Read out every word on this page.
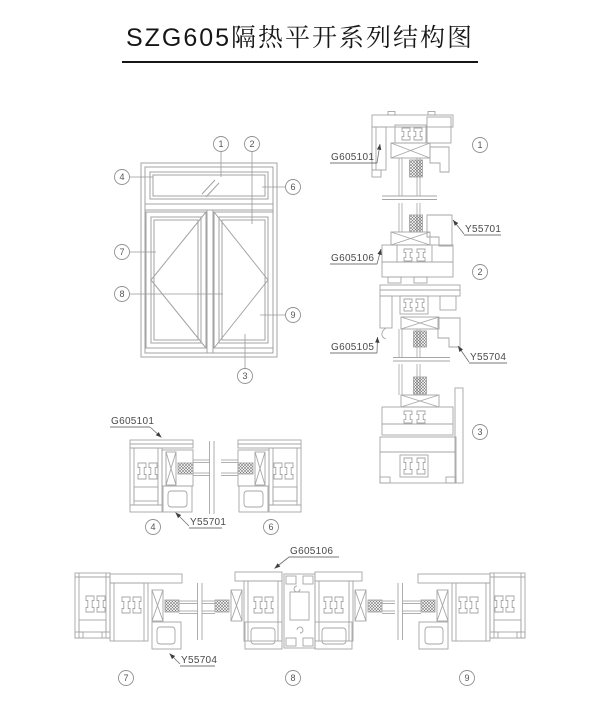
SZG605隔热平开系列结构图
G605101
Y55701
G605106
G605105
Y55704
G605101
Y55701
G605106
Y55704
1	2
4
6
7
8
9
3
1
2
3
4	6
7	8	9
